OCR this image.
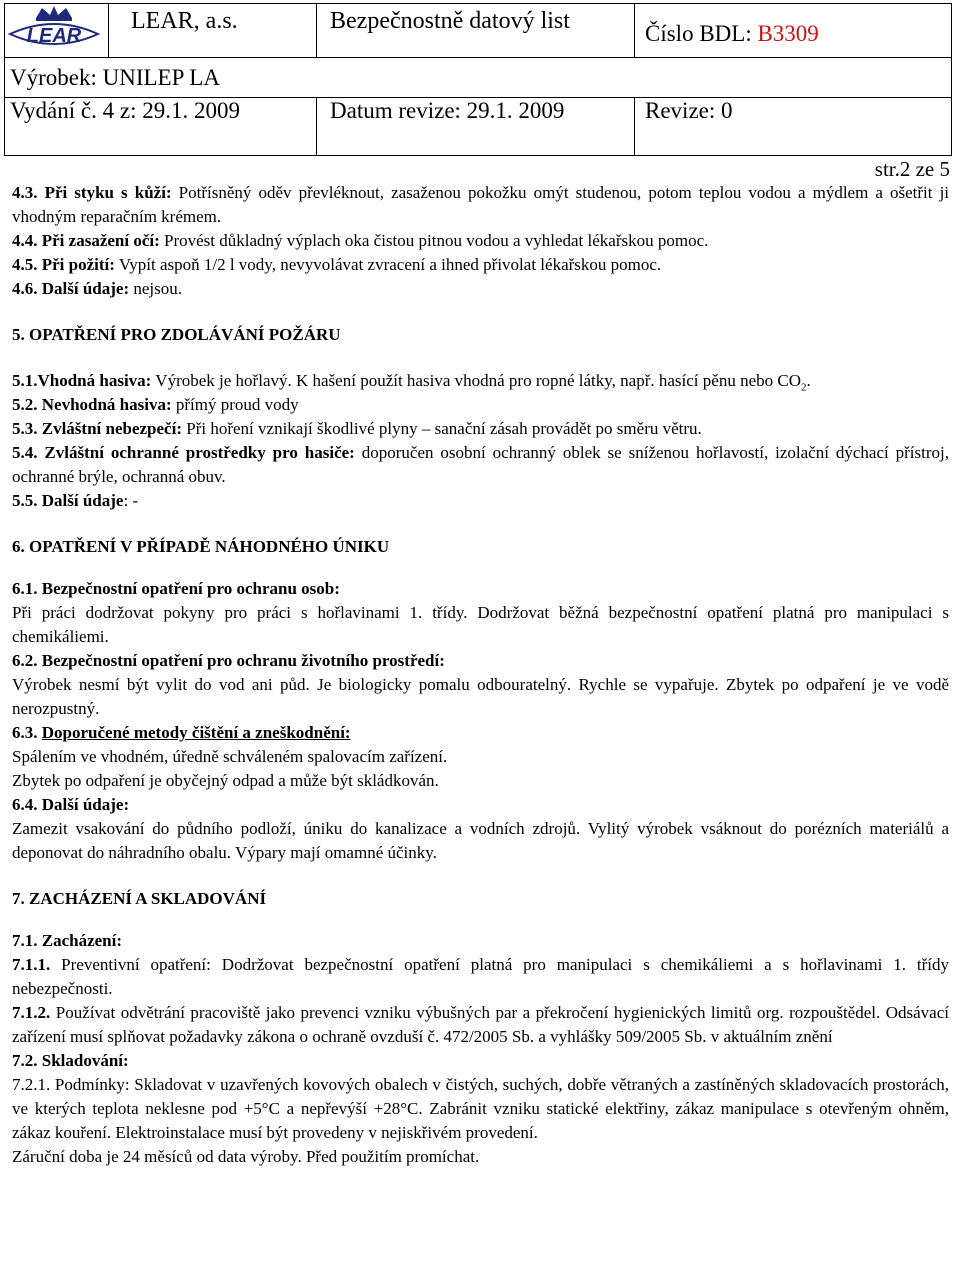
LEAR
LEAR, a.s.	Bezpečnostně datový list	Číslo BDL: B3309
Výrobek: UNILEP LA
Vydání č. 4 z: 29.1. 2009	Datum revize: 29.1. 2009	Revize: 0
str.2 ze 5

4.3. Při styku s kůží: Potřísněný oděv převléknout, zasaženou pokožku omýt studenou, potom teplou vodou a mýdlem a ošetřit ji vhodným reparačním krémem.

4.4. Při zasažení očí: Provést důkladný výplach oka čistou pitnou vodou a vyhledat lékařskou pomoc.

4.5. Při požití: Vypít aspoň 1/2 l vody, nevyvolávat zvracení a ihned přivolat lékařskou pomoc.

4.6. Další údaje: nejsou.

5. OPATŘENÍ PRO ZDOLÁVÁNÍ POŽÁRU

5.1.Vhodná hasiva: Výrobek je hořlavý. K hašení použít hasiva vhodná pro ropné látky, např. hasící pěnu nebo $CO_2$.

5.2. Nevhodná hasiva: přímý proud vody

5.3. Zvláštní nebezpečí: Při hoření vznikají škodlivé plyny – sanační zásah provádět po směru větru.

5.4. Zvláštní ochranné prostředky pro hasiče: doporučen osobní ochranný oblek se sníženou hořlavostí, izolační dýchací přístroj, ochranné brýle, ochranná obuv.

5.5. Další údaje: -

6. OPATŘENÍ V PŘÍPADĚ NÁHODNÉHO ÚNIKU

6.1. Bezpečnostní opatření pro ochranu osob:

Při práci dodržovat pokyny pro práci s hořlavinami 1. třídy. Dodržovat běžná bezpečnostní opatření platná pro manipulaci s chemikáliemi.

6.2. Bezpečnostní opatření pro ochranu životního prostředí:

Výrobek nesmí být vylit do vod ani půd. Je biologicky pomalu odbouratelný. Rychle se vypařuje. Zbytek po odpaření je ve vodě nerozpustný.

6.3. Doporučené metody čištění a zneškodnění:

Spálením ve vhodném, úředně schváleném spalovacím zařízení.

Zbytek po odpaření je obyčejný odpad a může být skládkován.

6.4. Další údaje:

Zamezit vsakování do půdního podloží, úniku do kanalizace a vodních zdrojů. Vylitý výrobek vsáknout do porézních materiálů a deponovat do náhradního obalu. Výpary mají omamné účinky.

7. ZACHÁZENÍ A SKLADOVÁNÍ

7.1. Zacházení:

7.1.1. Preventivní opatření: Dodržovat bezpečnostní opatření platná pro manipulaci s chemikáliemi a s hořlavinami 1. třídy nebezpečnosti.

7.1.2. Používat odvětrání pracoviště jako prevenci vzniku výbušných par a překročení hygienických limitů org. rozpouštědel. Odsávací zařízení musí splňovat požadavky zákona o ochraně ovzduší č. 472/2005 Sb. a vyhlášky 509/2005 Sb. v aktuálním znění

7.2. Skladování:

7.2.1. Podmínky: Skladovat v uzavřených kovových obalech v čistých, suchých, dobře větraných a zastíněných skladovacích prostorách, ve kterých teplota neklesne pod +5°C a nepřevýší +28°C. Zabránit vzniku statické elektřiny, zákaz manipulace s otevřeným ohněm, zákaz kouření. Elektroinstalace musí být provedeny v nejiskřivém provedení.

Záruční doba je 24 měsíců od data výroby. Před použitím promíchat.
